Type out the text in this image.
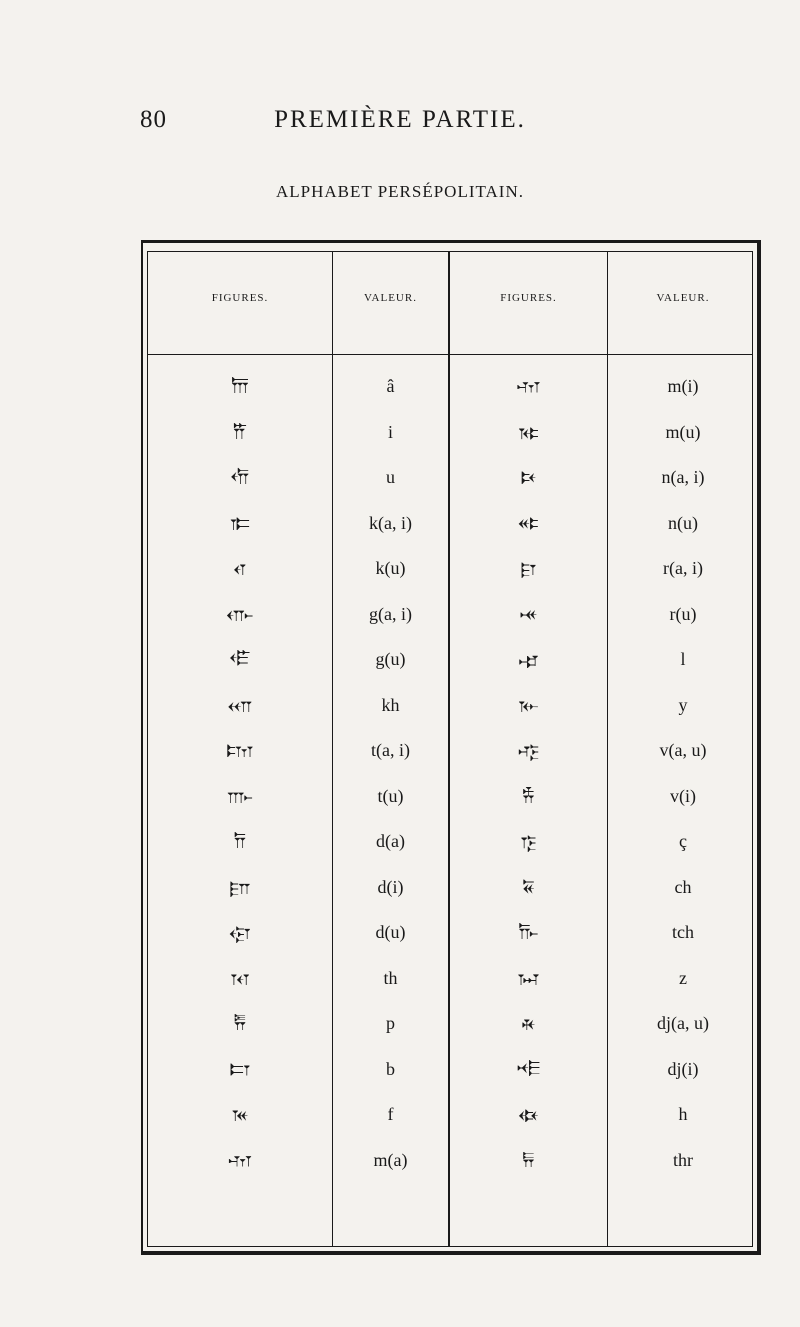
80	PREMIÈRE PARTIE.
ALPHABET PERSÉPOLITAIN.
FIGURES.	VALEUR.	FIGURES.	VALEUR.
𐎠	â	𐎶	m(i)
𐎡	i	𐎷	m(u)
𐎢	u	𐎴	n(a, i)
𐎣	k(a, i)	𐎵	n(u)
𐎤	k(u)	𐎼	r(a, i)
𐎥	g(a, i)	𐎽	r(u)
𐎦	g(u)	𐎾	l
𐎧	kh	𐎹	y
𐎫	t(a, i)	𐎺	v(a, u)
𐎬	t(u)	𐎻	v(i)
𐎭	d(a)	𐎿	ç
𐎮	d(i)	𐏁	ch
𐎯	d(u)	𐎨	tch
𐎰	th	𐏀	z
𐎱	p	𐎩	dj(a, u)
𐎲	b	𐎪	dj(i)
𐎳	f	𐏃	h
𐎶	m(a)	𐏂	thr
